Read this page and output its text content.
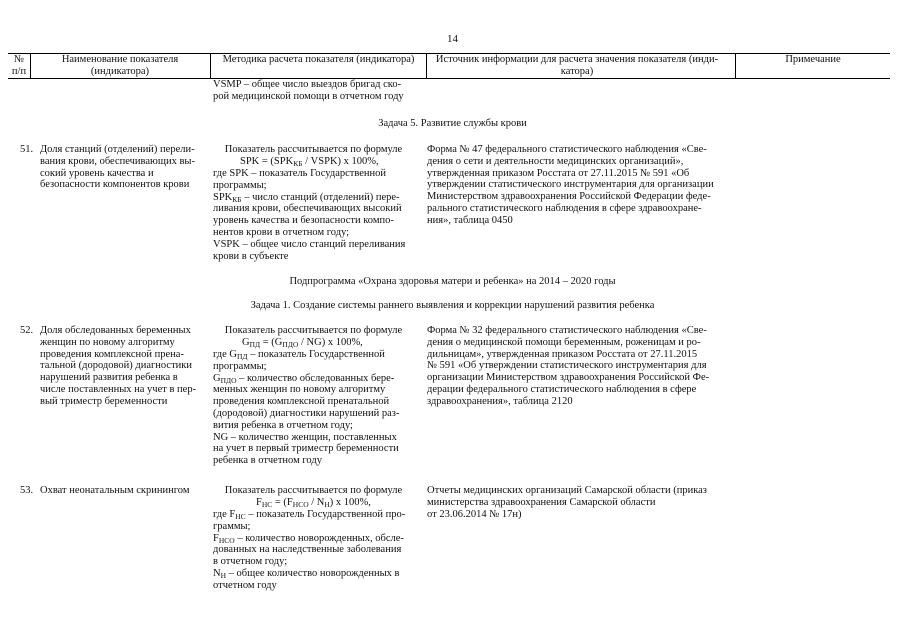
14
№
п/п
Наименование показателя
(индикатора)
Методика расчета показателя (индикатора)	Источник информации для расчета значения показателя (инди-
катора)
Примечание
VSMP – общее число выездов бригад ско-
рой медицинской помощи в отчетном году
Задача 5. Развитие службы крови
51. Доля станций (отделений) перели-
вания крови, обеспечивающих вы-
сокий уровень качества и
безопасности компонентов крови
Показатель рассчитывается по формуле
SPK = ($SPK_{КБ}$ / VSPK) x 100%,
где SPK – показатель Государственной
программы;
$SPK_{КБ}$ – число станций (отделений) пере-
ливания крови, обеспечивающих высокий
уровень качества и безопасности компо-
нентов крови в отчетном году;
VSPK – общее число станций переливания
крови в субъекте
Форма № 47 федерального статистического наблюдения «Све-
дения о сети и деятельности медицинских организаций»,
утвержденная приказом Росстата от 27.11.2015 № 591 «Об
утверждении статистического инструментария для организации
Министерством здравоохранения Российской Федерации феде-
рального статистического наблюдения в сфере здравоохране-
ния», таблица 0450
Подпрограмма «Охрана здоровья матери и ребенка» на 2014 – 2020 годы
Задача 1. Создание системы раннего выявления и коррекции нарушений развития ребенка
52. Доля обследованных беременных
женщин по новому алгоритму
проведения комплексной прена-
тальной (дородовой) диагностики
нарушений развития ребенка в
числе поставленных на учет в пер-
вый триместр беременности
Показатель рассчитывается по формуле
$G_{ПД} = (G_{ПДО} / NG)$ x 100%,
где $G_{ПД}$ – показатель Государственной
программы;
$G_{ПДО}$ – количество обследованных бере-
менных женщин по новому алгоритму
проведения комплексной пренатальной
(дородовой) диагностики нарушений раз-
вития ребенка в отчетном году;
NG – количество женщин, поставленных
на учет в первый триместр беременности
ребенка в отчетном году
Форма № 32 федерального статистического наблюдения «Све-
дения о медицинской помощи беременным, роженицам и ро-
дильницам», утвержденная приказом Росстата от 27.11.2015
№ 591 «Об утверждении статистического инструментария для
организации Министерством здравоохранения Российской Фе-
дерации федерального статистического наблюдения в сфере
здравоохранения», таблица 2120
53. Охват неонатальным скринингом	Показатель рассчитывается по формуле
$F_{НС} = (F_{НСО} / N_Н)$ x 100%,
где $F_{НС}$ – показатель Государственной про-
граммы;
$F_{НСО}$ – количество новорожденных, обсле-
дованных на наследственные заболевания
в отчетном году;
$N_Н$ – общее количество новорожденных в
отчетном году
Отчеты медицинских организаций Самарской области (приказ
министерства здравоохранения Самарской области
от 23.06.2014 № 17н)
